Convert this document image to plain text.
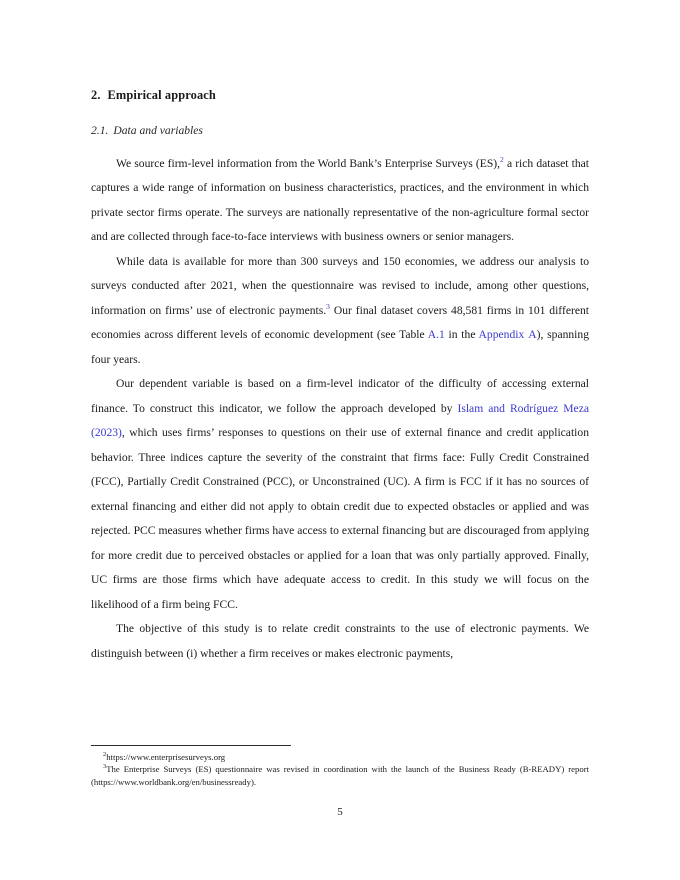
2. Empirical approach
2.1. Data and variables

We source firm-level information from the World Bank’s Enterprise Surveys (ES),$^2$ a rich dataset that captures a wide range of information on business characteristics, practices, and the environment in which private sector firms operate. The surveys are nationally representative of the non-agriculture formal sector and are collected through face-to-face interviews with business owners or senior managers.

While data is available for more than 300 surveys and 150 economies, we address our analysis to surveys conducted after 2021, when the questionnaire was revised to include, among other questions, information on firms’ use of electronic payments.$^3$ Our final dataset covers 48,581 firms in 101 different economies across different levels of economic development (see Table A.1 in the Appendix A), spanning four years.

Our dependent variable is based on a firm-level indicator of the difficulty of accessing external finance. To construct this indicator, we follow the approach developed by Islam and Rodríguez Meza (2023), which uses firms’ responses to questions on their use of external finance and credit application behavior. Three indices capture the severity of the constraint that firms face: Fully Credit Constrained (FCC), Partially Credit Constrained (PCC), or Unconstrained (UC). A firm is FCC if it has no sources of external financing and either did not apply to obtain credit due to expected obstacles or applied and was rejected. PCC measures whether firms have access to external financing but are discouraged from applying for more credit due to perceived obstacles or applied for a loan that was only partially approved. Finally, UC firms are those firms which have adequate access to credit. In this study we will focus on the likelihood of a firm being FCC.

The objective of this study is to relate credit constraints to the use of electronic payments. We distinguish between (i) whether a firm receives or makes electronic payments,

$^2$https://www.enterprisesurveys.org

$^3$The Enterprise Surveys (ES) questionnaire was revised in coordination with the launch of the Business Ready (B-READY) report (https://www.worldbank.org/en/businessready).

5
